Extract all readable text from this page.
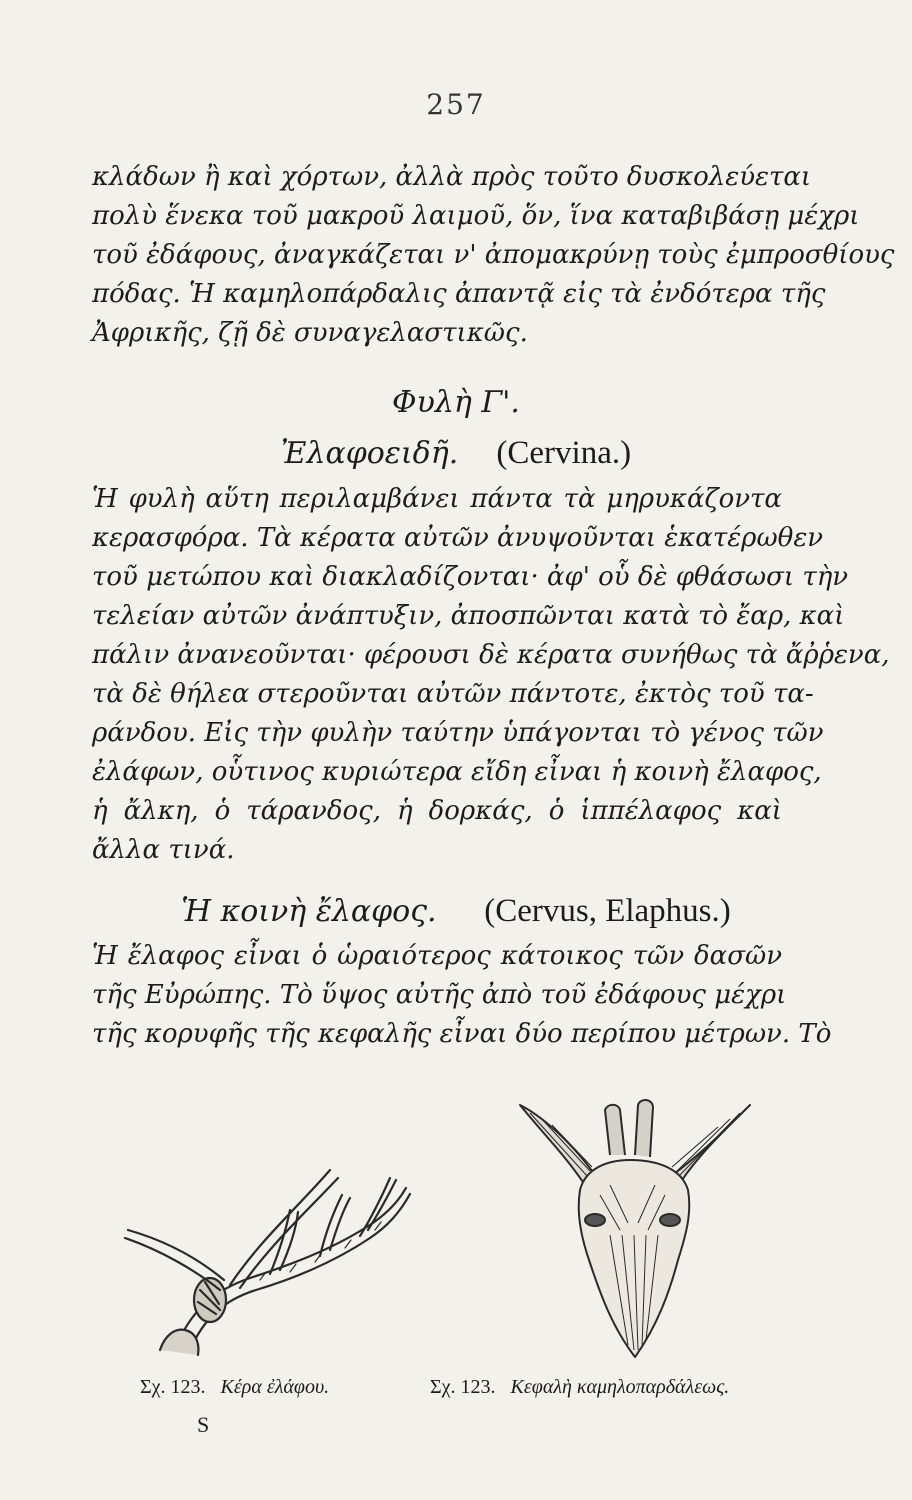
257
κλάδων ἢ καὶ χόρτων, ἀλλὰ πρὸς τοῦτο δυσκολεύεται
πολὺ ἕνεκα τοῦ μακροῦ λαιμοῦ, ὅν, ἵνα καταβιβάσῃ μέχρι
τοῦ ἐδάφους, ἀναγκάζεται ν' ἀπομακρύνῃ τοὺς ἐμπροσθίους
πόδας. Ἡ καμηλοπάρδαλις ἀπαντᾷ εἰς τὰ ἐνδότερα τῆς
Ἀφρικῆς, ζῇ δὲ συναγελαστικῶς.
Φυλὴ Γ'.
Ἐλαφοειδῆ. (Cervina.)
Ἡ φυλὴ αὕτη περιλαμβάνει πάντα τὰ μηρυκάζοντα
κερασφόρα. Τὰ κέρατα αὐτῶν ἀνυψοῦνται ἑκατέρωθεν
τοῦ μετώπου καὶ διακλαδίζονται· ἀφ' οὗ δὲ φθάσωσι τὴν
τελείαν αὐτῶν ἀνάπτυξιν, ἀποσπῶνται κατὰ τὸ ἔαρ, καὶ
πάλιν ἀνανεοῦνται· φέρουσι δὲ κέρατα συνήθως τὰ ἄῤῥενα,
τὰ δὲ θήλεα στεροῦνται αὐτῶν πάντοτε, ἐκτὸς τοῦ τα-
ράνδου. Εἰς τὴν φυλὴν ταύτην ὑπάγονται τὸ γένος τῶν
ἐλάφων, οὗτινος κυριώτερα εἴδη εἶναι ἡ κοινὴ ἔλαφος,
ἡ ἄλκη, ὁ τάρανδος, ἡ δορκάς, ὁ ἱππέλαφος καὶ
ἄλλα τινά.
Ἡ κοινὴ ἔλαφος. (Cervus, Elaphus.)
Ἡ ἔλαφος εἶναι ὁ ὡραιότερος κάτοικος τῶν δασῶν
τῆς Εὐρώπης. Τὸ ὕψος αὐτῆς ἀπὸ τοῦ ἐδάφους μέχρι
τῆς κορυφῆς τῆς κεφαλῆς εἶναι δύο περίπου μέτρων. Τὸ
Σχ. 123. Κέρα ἐλάφου.	Σχ. 123. Κεφαλὴ καμηλοπαρδάλεως.
S
